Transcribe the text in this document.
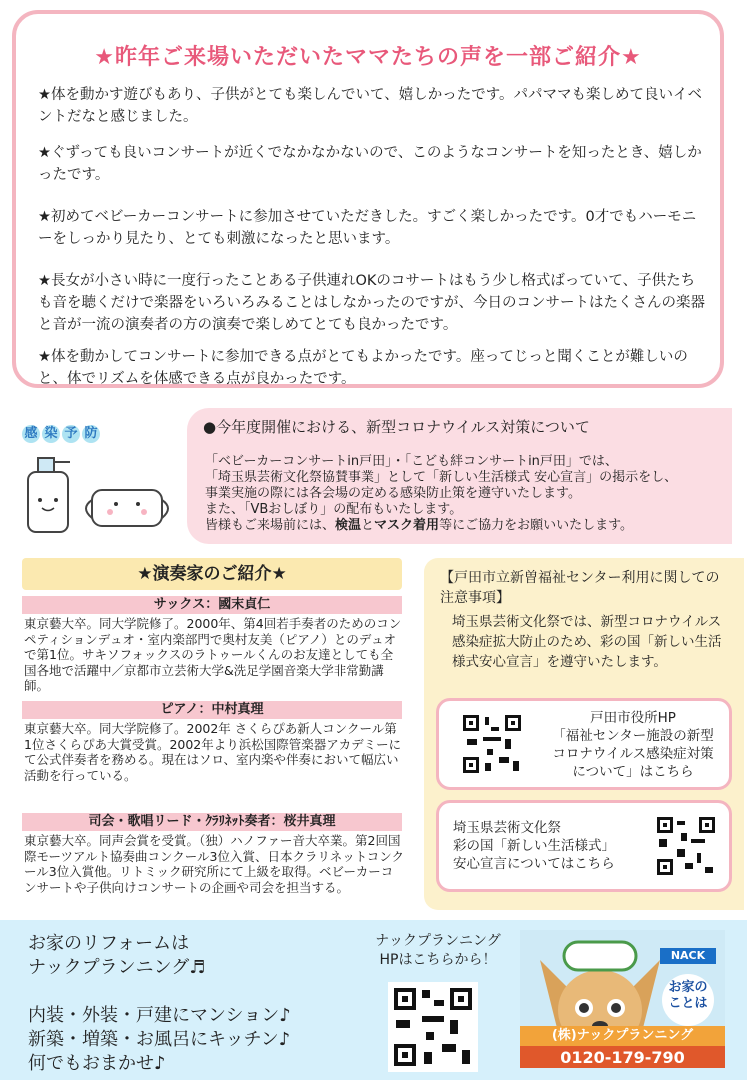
★昨年ご来場いただいたママたちの声を一部ご紹介★
★体を動かす遊びもあり、子供がとても楽しんでいて、嬉しかったです。パパママも楽しめて良いイベントだなと感じました。
★ぐずっても良いコンサートが近くでなかなかないので、このようなコンサートを知ったとき、嬉しかったです。
★初めてベビーカーコンサートに参加させていただきした。すごく楽しかったです。0才でもハーモニーをしっかり見たり、とても刺激になったと思います。
★長女が小さい時に一度行ったことある子供連れOKのコサートはもう少し格式ばっていて、子供たちも音を聴くだけで楽器をいろいろみることはしなかったのですが、今日のコンサートはたくさんの楽器と音が一流の演奏者の方の演奏で楽しめてとても良かったです。
★体を動かしてコンサートに参加できる点がとてもよかったです。座ってじっと聞くことが難しいのと、体でリズムを体感できる点が良かったです。
感 染 予 防	●今年度開催における、新型コロナウイルス対策について
「ベビーカーコンサートin戸田」・「こども絆コンサートin戸田」では、
「埼玉県芸術文化祭協賛事業」として「新しい生活様式 安心宣言」の掲示をし、
事業実施の際には各会場の定める感染防止策を遵守いたします。
また、「VBおしぼり」の配布もいたします。
皆様もご来場前には、検温とマスク着用等にご協力をお願いいたします。
★演奏家のご紹介★
サックス：國末貞仁
東京藝大卒。同大学院修了。2000年、第4回若手奏者のためのコンペティションデュオ・室内楽部門で奥村友美（ピアノ）とのデュオで第1位。サキソフォックスのラトゥールくんのお友達としても全国各地で活躍中／京都市立芸術大学&洗足学園音楽大学非常勤講師。
ピアノ：中村真理
東京藝大卒。同大学院修了。2002年 さくらぴあ新人コンクール第1位さくらぴあ大賞受賞。2002年より浜松国際管楽器アカデミーにて公式伴奏者を務める。現在はソロ、室内楽や伴奏において幅広い活動を行っている。
司会・歌唱リード・ｸﾗﾘﾈｯﾄ奏者：桜井真理
東京藝大卒。同声会賞を受賞。（独）ハノファー音大卒業。第2回国際モーツアルト協奏曲コンクール3位入賞、日本クラリネットコンクール3位入賞他。リトミック研究所にて上級を取得。ベビーカーコンサートや子供向けコンサートの企画や司会を担当する。
【戸田市立新曽福祉センター利用に関しての注意事項】
埼玉県芸術文化祭では、新型コロナウイルス感染症拡大防止のため、彩の国「新しい生活様式安心宣言」を遵守いたします。
戸田市役所HP
「福祉センター施設の新型
コロナウイルス感染症対策
について」はこちら
埼玉県芸術文化祭
彩の国「新しい生活様式」
安心宣言についてはこちら
お家のリフォームは
ナックプランニング♬
内装・外装・戸建にマンション♪
新築・増築・お風呂にキッチン♪
何でもおまかせ♪
ナックプランニング
HPはこちらから！	NACK
お家の
ことは
(株)ナックプランニング
0120-179-790
